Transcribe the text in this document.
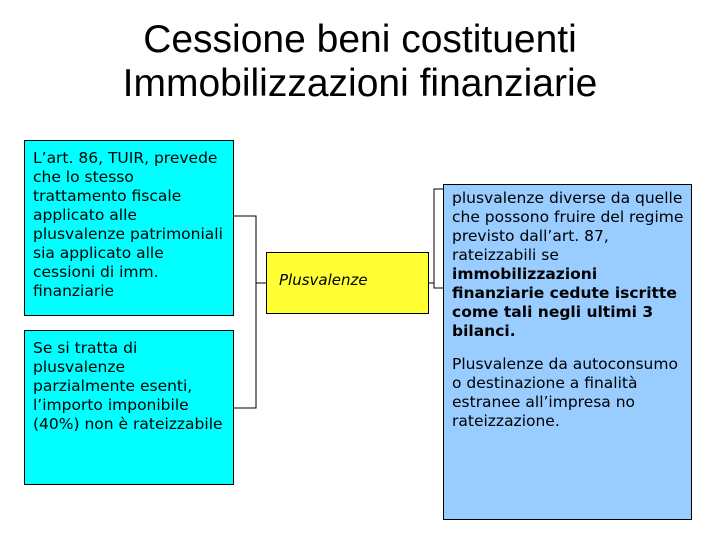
Cessione beni costituenti
Immobilizzazioni finanziarie
L’art. 86, TUIR, prevede che lo stesso trattamento fiscale applicato alle plusvalenze patrimoniali sia applicato alle cessioni di imm. finanziarie
Se si tratta di plusvalenze parzialmente esenti, l’importo imponibile (40%) non è rateizzabile
Plusvalenze
plusvalenze diverse da quelle che possono fruire del regime previsto dall’art. 87, rateizzabili se immobilizzazioni finanziarie cedute iscritte come tali negli ultimi 3 bilanci.
Plusvalenze da autoconsumo o destinazione a finalità estranee all’impresa no rateizzazione.
